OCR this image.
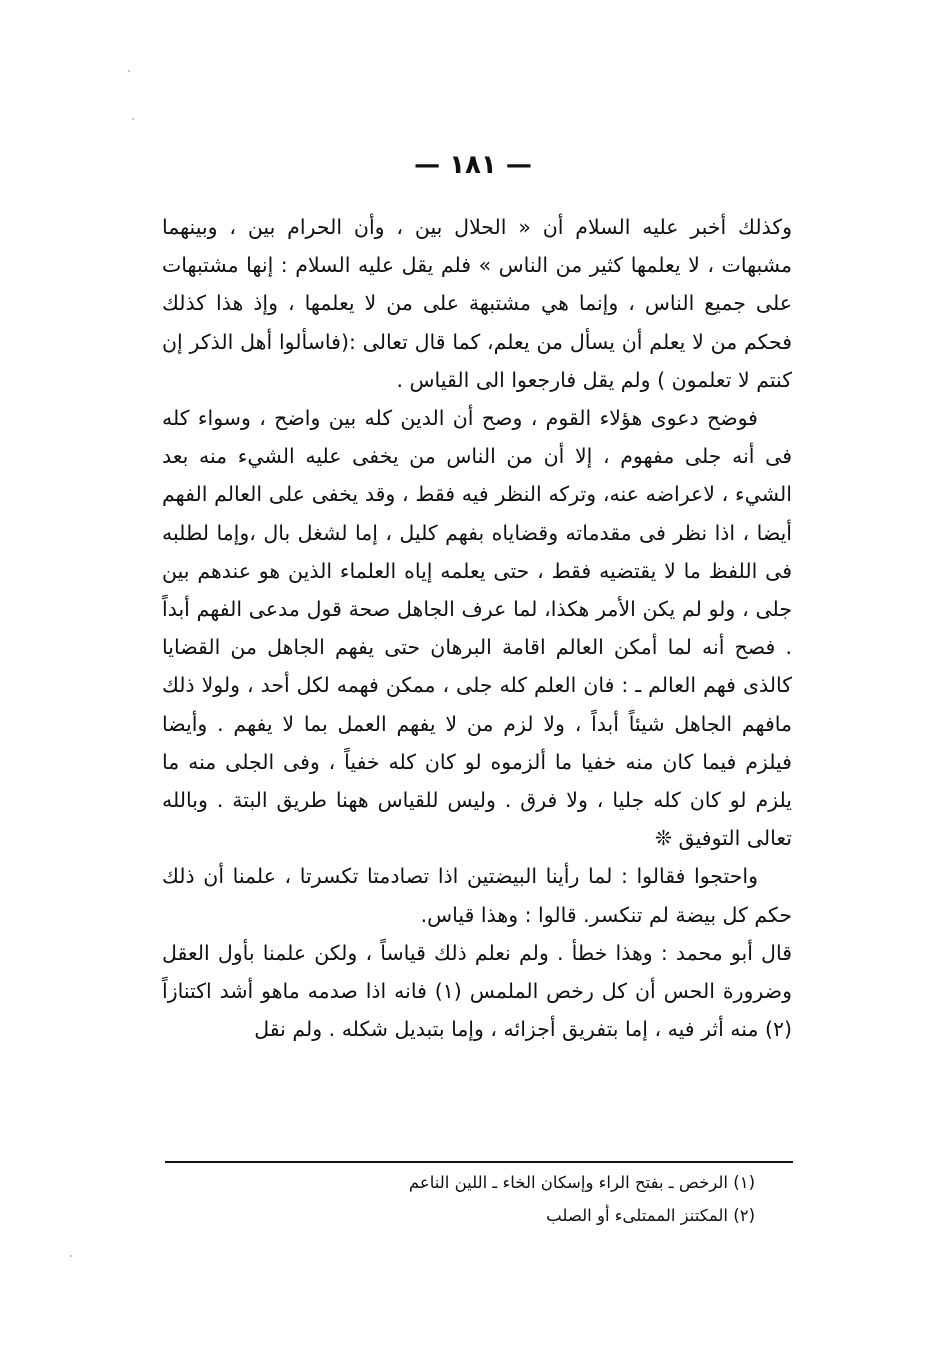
— ١٨١ —

وكذلك أخبر عليه السلام أن « الحلال بين ، وأن الحرام بين ، وبينهما مشبهات ، لا يعلمها كثير من الناس » فلم يقل عليه السلام : إنها مشتبهات على جميع الناس ، وإنما هي مشتبهة على من لا يعلمها ، وإذ هذا كذلك فحكم من لا يعلم أن يسأل من يعلم، كما قال تعالى :(فاسألوا أهل الذكر إن كنتم لا تعلمون ) ولم يقل فارجعوا الى القياس .

فوضح دعوى هؤلاء القوم ، وصح أن الدين كله بين واضح ، وسواء كله فى أنه جلى مفهوم ، إلا أن من الناس من يخفى عليه الشيء منه بعد الشيء ، لاعراضه عنه، وتركه النظر فيه فقط ، وقد يخفى على العالم الفهم أيضا ، اذا نظر فى مقدماته وقضاياه بفهم كليل ، إما لشغل بال ،وإما لطلبه فى اللفظ ما لا يقتضيه فقط ، حتى يعلمه إياه العلماء الذين هو عندهم بين جلى ، ولو لم يكن الأمر هكذا، لما عرف الجاهل صحة قول مدعى الفهم أبداً . فصح أنه لما أمكن العالم اقامة البرهان حتى يفهم الجاهل من القضايا كالذى فهم العالم ـ : فان العلم كله جلى ، ممكن فهمه لكل أحد ، ولولا ذلك مافهم الجاهل شيئاً أبداً ، ولا لزم من لا يفهم العمل بما لا يفهم . وأيضا فيلزم فيما كان منه خفيا ما ألزموه لو كان كله خفياً ، وفى الجلى منه ما يلزم لو كان كله جليا ، ولا فرق . وليس للقياس ههنا طريق البتة . وبالله تعالى التوفيق ❊

واحتجوا فقالوا : لما رأينا البيضتين اذا تصادمتا تكسرتا ، علمنا أن ذلك حكم كل بيضة لم تنكسر. قالوا : وهذا قياس.

قال أبو محمد : وهذا خطأ . ولم نعلم ذلك قياساً ، ولكن علمنا بأول العقل وضرورة الحس أن كل رخص الملمس (١) فانه اذا صدمه ماهو أشد اكتنازاً (٢) منه أثر فيه ، إما بتفريق أجزائه ، وإما بتبديل شكله . ولم نقل

(١) الرخص ـ بفتح الراء وإسكان الخاء ـ اللين الناعم

(٢) المكتنز الممتلىء أو الصلب
